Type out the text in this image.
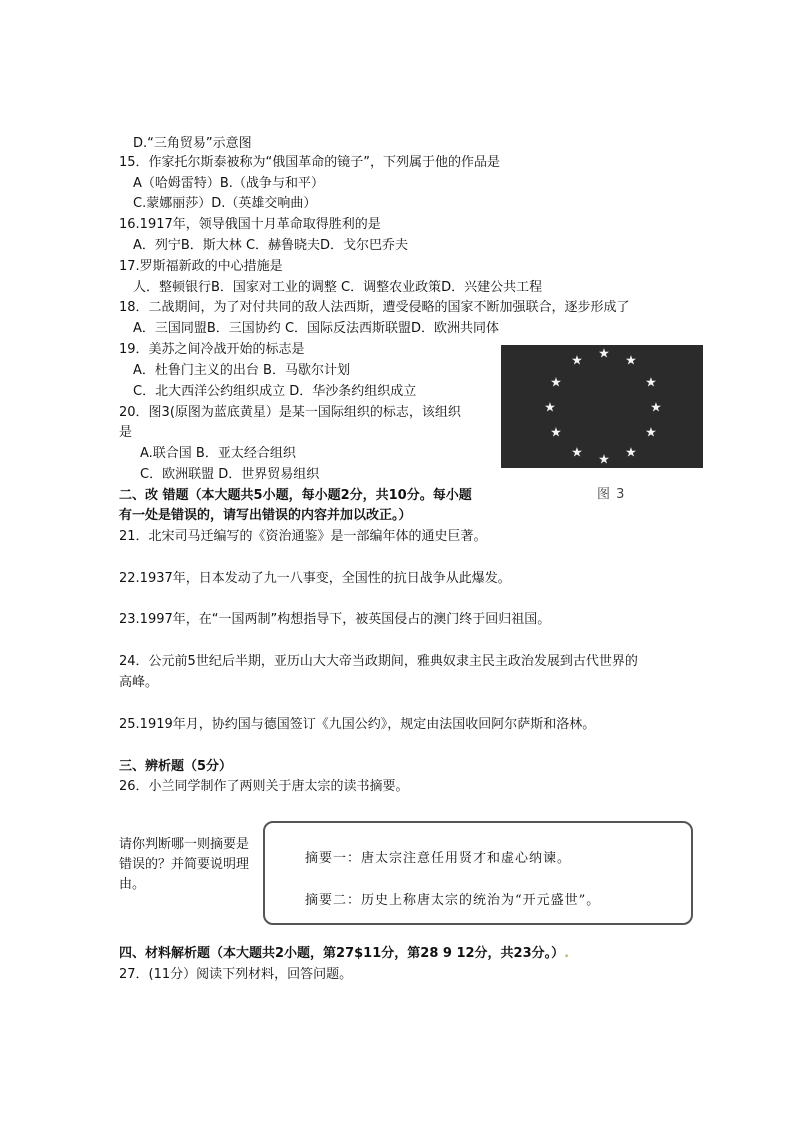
D.“三角贸易”示意图
15．作家托尔斯泰被称为“俄国革命的镜子”，下列属于他的作品是
A（哈姆雷特）B.（战争与和平）
C.蒙娜丽莎）D.（英雄交响曲）
16.1917年，领导俄国十月革命取得胜利的是
A．列宁B．斯大林 C．赫鲁晓夫D．戈尔巴乔夫
17.罗斯福新政的中心措施是
人．整顿银行B．国家对工业的调整 C．调整农业政策D．兴建公共工程
18．二战期间，为了对付共同的敌人法西斯，遭受侵略的国家不断加强联合，逐步形成了
A．三国同盟B．三国协约 C．国际反法西斯联盟D．欧洲共同体
19．美苏之间冷战开始的标志是
A．杜鲁门主义的出台 B．马歇尔计划
C．北大西洋公约组织成立 D．华沙条约组织成立
20．图3(原图为蓝底黄星）是某一国际组织的标志，该组织
是
A.联合国 B．亚太经合组织
C．欧洲联盟 D．世界贸易组织
★ ★
★
★
★
★
★
★
★
★
★
★
图 3
二、改 错题（本大题共5小题，每小题2分，共10分。每小题
有一处是错误的，请写出错误的内容并加以改正。）
21．北宋司马迁编写的《资治通鉴》是一部编年体的通史巨著。
22.1937年，日本发动了九一八事变，全国性的抗日战争从此爆发。
23.1997年，在“一国两制”构想指导下，被英国侵占的澳门终于回归祖国。
24．公元前5世纪后半期，亚历山大大帝当政期间，雅典奴隶主民主政治发展到古代世界的
高峰。
25.1919年月，协约国与德国签订《九国公约》，规定由法国收回阿尔萨斯和洛林。
三、辨析题（5分）
26．小兰同学制作了两则关于唐太宗的读书摘要。
请你判断哪一则摘要是错误的？并简要说明理由。
摘要一：唐太宗注意任用贤才和虚心纳谏。
摘要二：历史上称唐太宗的统治为“开元盛世”。
四、材料解析题（本大题共2小题，第27$11分，第28 9 12分，共23分。）.
27．(11分）阅读下列材料，回答问题。
